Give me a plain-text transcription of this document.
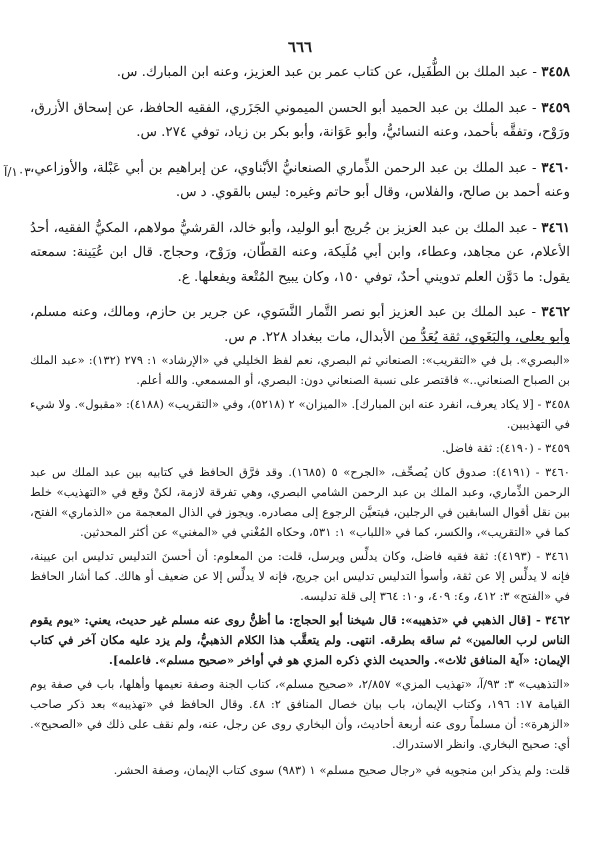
٦٦٦
١٠٣/آ

٣٤٥٨ - عبد الملك بن الطُّفَيل، عن كتاب عمر بن عبد العزيز، وعنه ابن المبارك. س.

٣٤٥٩ - عبد الملك بن عبد الحميد أبو الحسن الميموني الجَزَري، الفقيه الحافظ، عن إسحاق الأزرق، ورَوْح، وتفقَّه بأحمد، وعنه النسائيُّ، وأبو عَوَانة، وأبو بكر بن زياد، توفي ٢٧٤. س.

٣٤٦٠ - عبد الملك بن عبد الرحمن الذِّماري الصنعانيُّ الأبْناوي، عن إبراهيم بن أبي عَبْلة، والأوزاعي، وعنه أحمد بن صالح، والفلاس، وقال أبو حاتم وغيره: ليس بالقوي. د س.

٣٤٦١ - عبد الملك بن عبد العزيز بن جُريج أبو الوليد، وأبو خالد، القرشيُّ مولاهم، المكيُّ الفقيه، أحدُ الأعلام، عن مجاهد، وعطاء، وابن أبي مُلَيكة، وعنه القطّان، ورَوْح، وحجاج. قال ابن عُيَينة: سمعته يقول: ما دَوَّن العلم تدويني أحدٌ، توفي ١٥٠، وكان يبيح المُتْعة ويفعلها. ع.

٣٤٦٢ - عبد الملك بن عبد العزيز أبو نصر التَّمار النَّسَوي، عن جرير بن حازم، ومالك، وعنه مسلم، وأبو يعلى، والبَغَوي، ثقة يُعَدُّ من الأبدال، مات ببغداد ٢٢٨. م س.

«البصري». بل في «التقريب»: الصنعاني ثم البصري، نعم لفظ الخليلي في «الإرشاد» ١: ٢٧٩ (١٣٢): «عبد الملك بن الصباح الصنعاني..» فاقتصر على نسبة الصنعاني دون: البصري، أو المسمعي. والله أعلم.

٣٤٥٨ - [لا يكاد يعرف، انفرد عنه ابن المبارك]. «الميزان» ٢ (٥٢١٨)، وفي «التقريب» (٤١٨٨): «مقبول». ولا شيء في التهذيبين.

٣٤٥٩ - (٤١٩٠): ثقة فاضل.

٣٤٦٠ - (٤١٩١): صدوق كان يُصحِّف، «الجرح» ٥ (١٦٨٥). وقد فرَّق الحافظ في كتابيه بين عبد الملك س عبد الرحمن الذِّماري، وعبد الملك بن عبد الرحمن الشامي البصري، وهي تفرقة لازمة، لكنْ وقع في «التهذيب» خلط بين نقل أقوال السابقين في الرجلين، فيتعيَّن الرجوع إلى مصادره. ويجوز في الذال المعجمة من «الذماري» الفتح، كما في «التقريب»، والكسر، كما في «اللباب» ١: ٥٣١، وحكاه المُغْني في «المغني» عن أكثر المحدثين.

٣٤٦١ - (٤١٩٣): ثقة فقيه فاضل، وكان يدلِّس ويرسل، قلت: من المعلوم: أن أحسنَ التدليس تدليس ابن عيينة، فإنه لا يدلِّس إلا عن ثقة، وأسوأ التدليس تدليس ابن جريج، فإنه لا يدلِّس إلا عن ضعيف أو هالك. كما أشار الحافظ في «الفتح» ٣: ٤١٢، و٤: ٤٠٩، و١٠: ٣٦٤ إلى قلة تدليسه.

٣٤٦٢ - [قال الذهبي في «تذهيبه»: قال شيخنا أبو الحجاج: ما أظنُّ روى عنه مسلم غير حديث، يعني: «يوم يقوم الناس لرب العالمين» ثم ساقه بطرقه. انتهى. ولم يتعقَّب هذا الكلام الذهبيُّ، ولم يزد عليه مكان آخر في كتاب الإيمان: «آية المنافق ثلاث». والحديث الذي ذكره المزي هو في أواخر «صحيح مسلم». فاعلمه].

«التذهيب» ٣: ٩٣/آ، «تهذيب المزي» ٢/٨٥٧، «صحيح مسلم»، كتاب الجنة وصفة نعيمها وأهلها، باب في صفة يوم القيامة ١٧: ١٩٦، وكتاب الإيمان، باب بيان خصال المنافق ٢: ٤٨. وقال الحافظ في «تهذيبه» بعد ذكر صاحب «الزهرة»: أن مسلماً روى عنه أربعة أحاديث، وأن البخاري روى عن رجل، عنه، ولم نقف على ذلك في «الصحيح». أي: صحيح البخاري. وانظر الاستدراك.

قلت: ولم يذكر ابن منجويه في «رجال صحيح مسلم» ١ (٩٨٣) سوى كتاب الإيمان، وصفة الحشر.
